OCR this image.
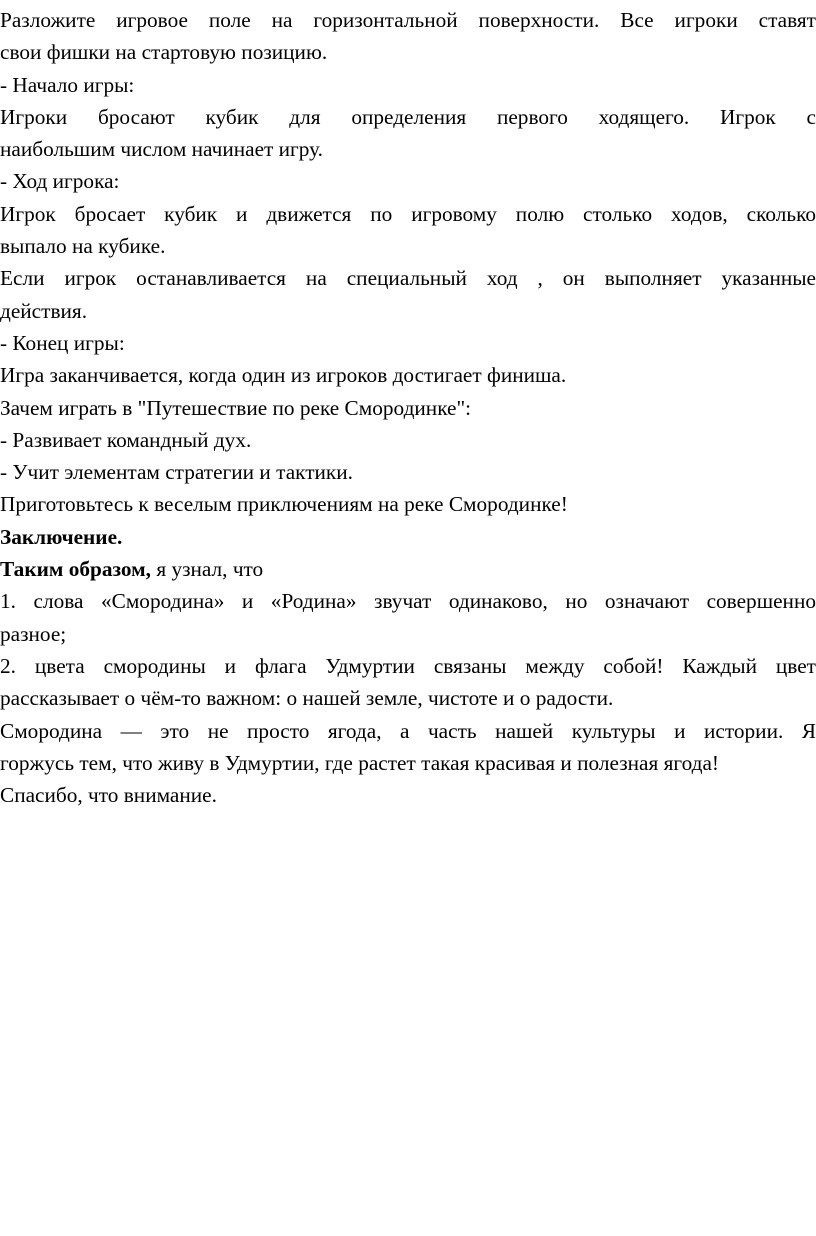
Разложите игровое поле на горизонтальной поверхности. Все игроки ставят
свои фишки на стартовую позицию.
- Начало игры:
Игроки бросают кубик для определения первого ходящего. Игрок с
наибольшим числом начинает игру.
- Ход игрока:
Игрок бросает кубик и движется по игровому полю столько ходов, сколько
выпало на кубике.
Если игрок останавливается на специальный ход , он выполняет указанные
действия.
- Конец игры:
Игра заканчивается, когда один из игроков достигает финиша.
Зачем играть в "Путешествие по реке Смородинке":
- Развивает командный дух.
- Учит элементам стратегии и тактики.
Приготовьтесь к веселым приключениям на реке Смородинке!
Заключение.
Таким образом, я узнал, что
1. слова «Смородина» и «Родина» звучат одинаково, но означают совершенно
разное;
2. цвета смородины и флага Удмуртии связаны между собой! Каждый цвет
рассказывает о чём-то важном: о нашей земле, чистоте и о радости.
Смородина — это не просто ягода, а часть нашей культуры и истории. Я
горжусь тем, что живу в Удмуртии, где растет такая красивая и полезная ягода!
Спасибо, что внимание.
